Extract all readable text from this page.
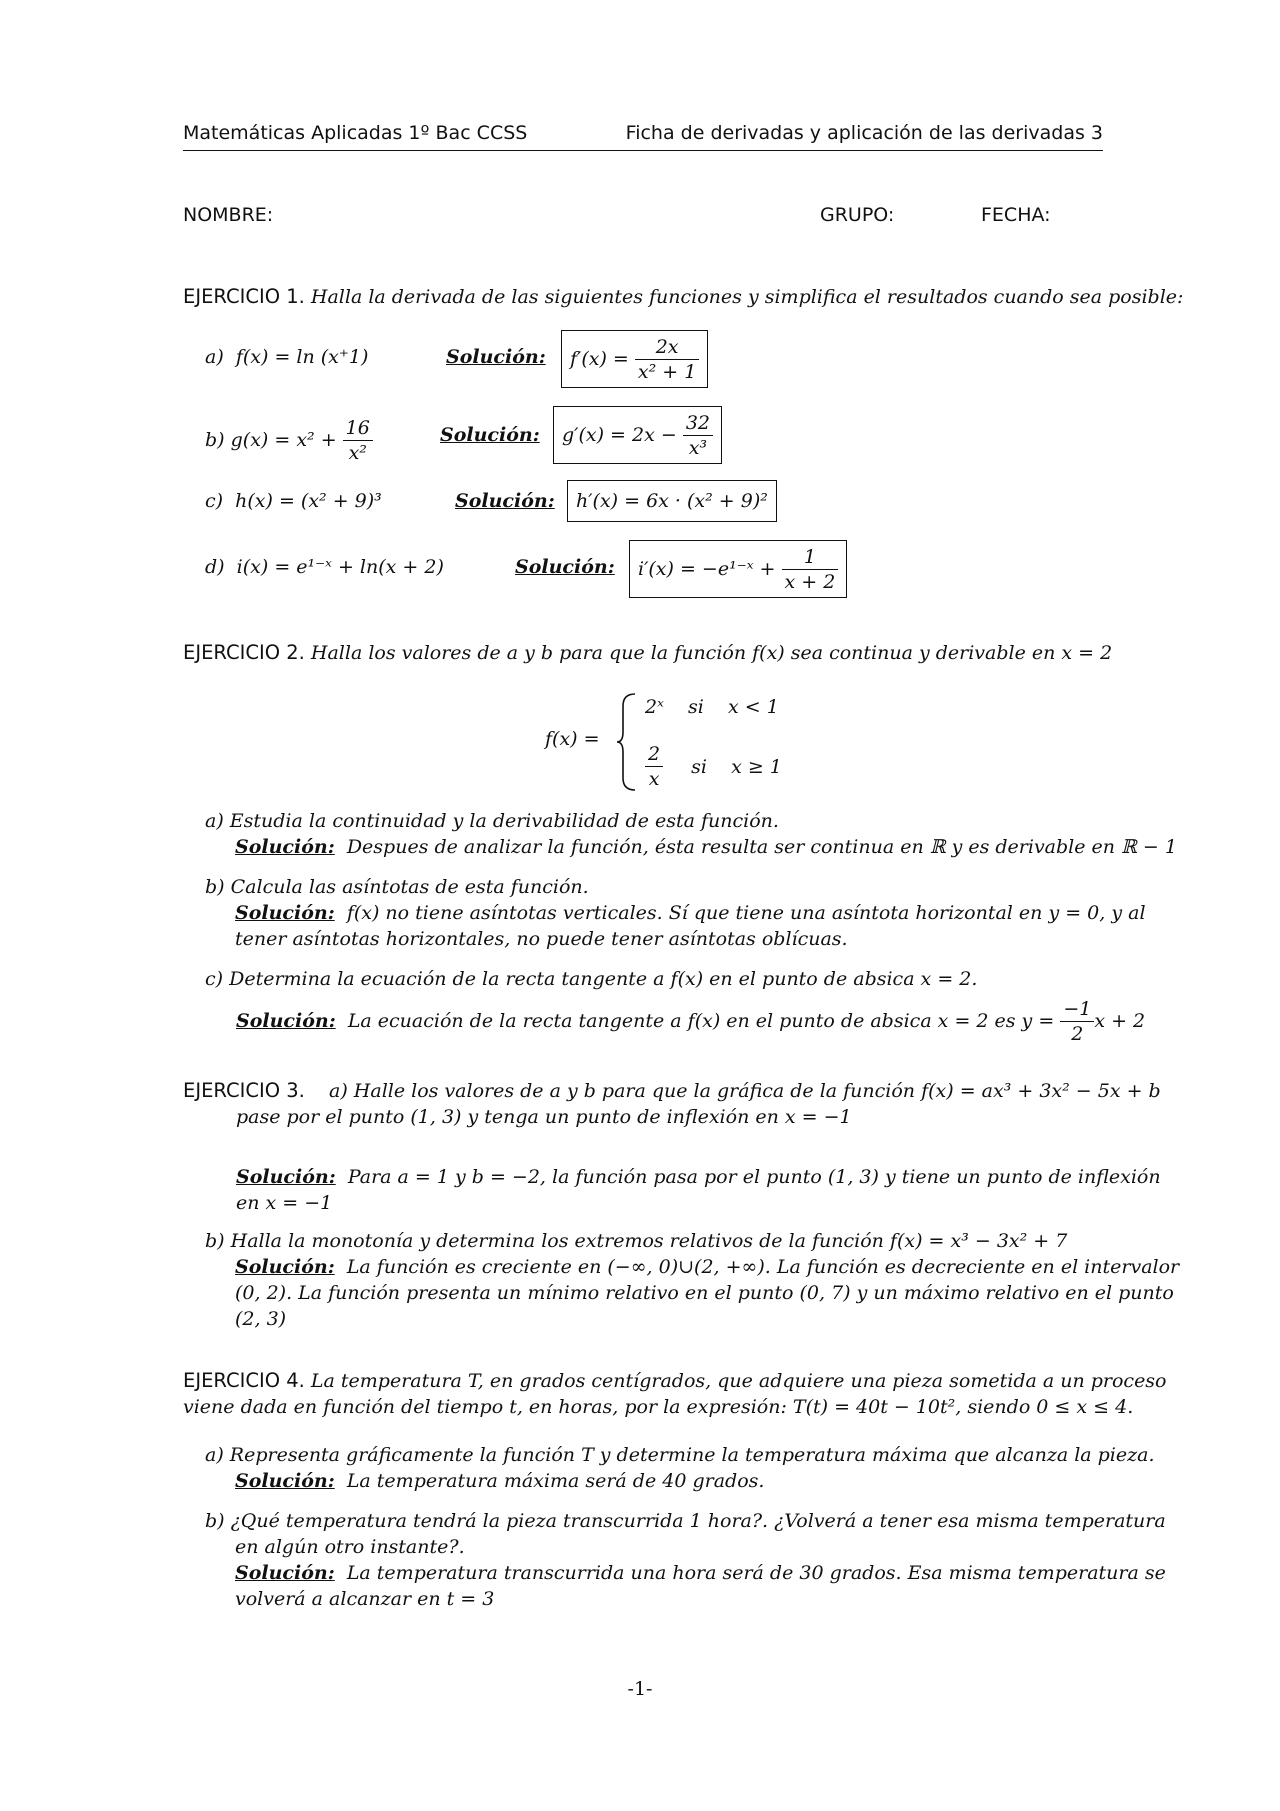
Matemáticas Aplicadas 1º Bac CCSS	Ficha de derivadas y aplicación de las derivadas 3
NOMBRE:	GRUPO:	FECHA:
EJERCICIO 1. Halla la derivada de las siguientes funciones y simplifica el resultados cuando sea posible:
a) f(x) = ln (x⁺1)	Solución: f′(x) =
$\frac{2x}{\text{x² + 1}}$
b)
g(x) = x² +
$\frac{16}{\text{x²}}$	Solución: g′(x) = 2x −
$\frac{32}{\text{x³}}$
c) h(x) = (x² + 9)³	Solución: h′(x) = 6x · (x² + 9)²
d) i(x) = e¹⁻ˣ + ln(x + 2)	Solución: i′(x) = −e¹⁻ˣ +
$\frac{1}{x + 2}$
EJERCICIO 2. Halla los valores de a y b para que la función f(x) sea continua y derivable en x = 2
f(x) =
2ˣ    si    x < 1
$\frac{2}{x}$ si    x ≥ 1
a) Estudia la continuidad y la derivabilidad de esta función.
Solución: Despues de analizar la función, ésta resulta ser continua en ℝ y es derivable en ℝ − 1
b) Calcula las asíntotas de esta función.
Solución: f(x) no tiene asíntotas verticales. Sí que tiene una asíntota horizontal en y = 0, y al
tener asíntotas horizontales, no puede tener asíntotas oblícuas.
c) Determina la ecuación de la recta tangente a f(x) en el punto de absica x = 2.
Solución:
La ecuación de la recta tangente a f(x) en el punto de absica x = 2 es y =
$\frac{-1}{2}$ x + 2
EJERCICIO 3. a) Halle los valores de a y b para que la gráfica de la función f(x) = ax³ + 3x² − 5x + b
pase por el punto (1, 3) y tenga un punto de inflexión en x = −1
Solución: Para a = 1 y b = −2, la función pasa por el punto (1, 3) y tiene un punto de inflexión
en x = −1
b) Halla la monotonía y determina los extremos relativos de la función f(x) = x³ − 3x² + 7
Solución: La función es creciente en (−∞, 0)∪(2, +∞). La función es decreciente en el intervalor
(0, 2). La función presenta un mínimo relativo en el punto (0, 7) y un máximo relativo en el punto
(2, 3)
EJERCICIO 4. La temperatura T, en grados centígrados, que adquiere una pieza sometida a un proceso
viene dada en función del tiempo t, en horas, por la expresión: T(t) = 40t − 10t², siendo 0 ≤ x ≤ 4.
a) Representa gráficamente la función T y determine la temperatura máxima que alcanza la pieza.
Solución: La temperatura máxima será de 40 grados.
b) ¿Qué temperatura tendrá la pieza transcurrida 1 hora?. ¿Volverá a tener esa misma temperatura
en algún otro instante?.
Solución: La temperatura transcurrida una hora será de 30 grados. Esa misma temperatura se
volverá a alcanzar en t = 3
-1-
